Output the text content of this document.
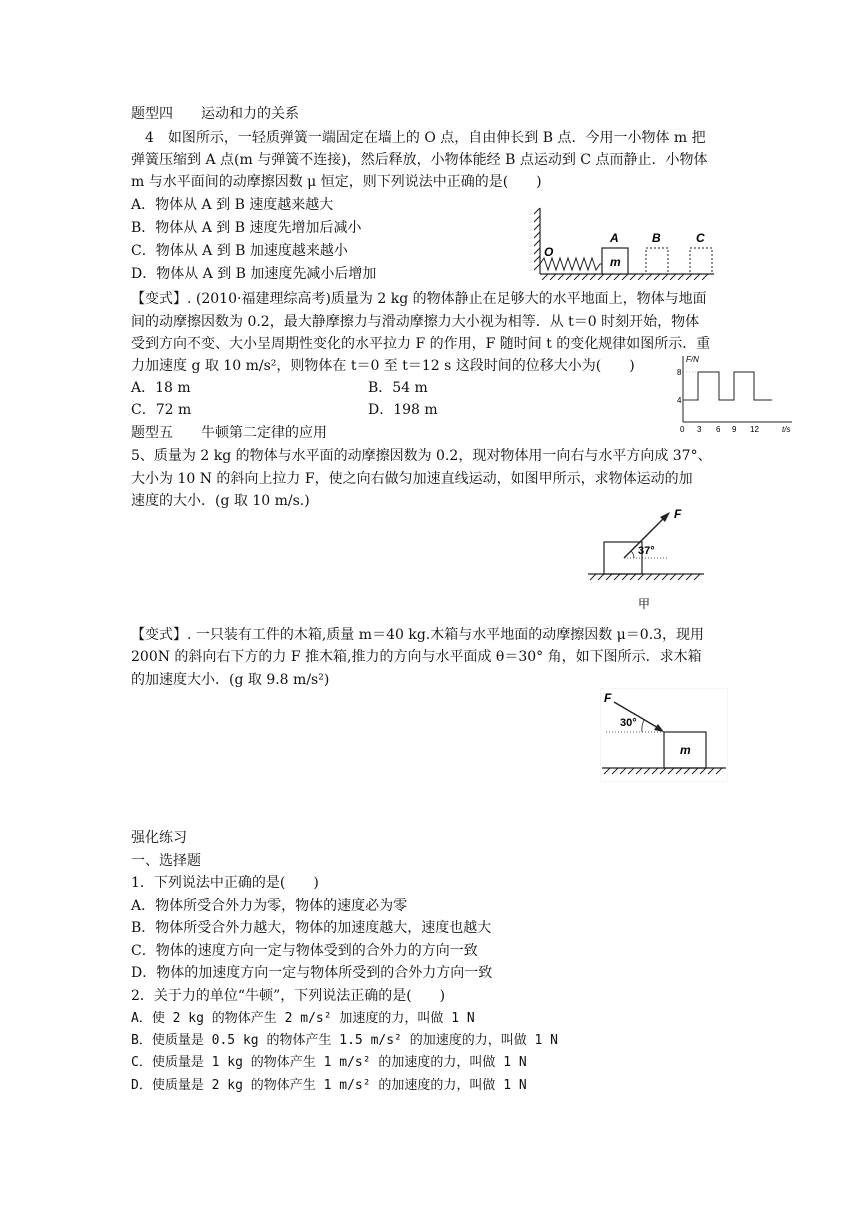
题型四　　运动和力的关系
　4　如图所示，一轻质弹簧一端固定在墙上的 O 点，自由伸长到 B 点．今用一小物体 m 把
弹簧压缩到 A 点(m 与弹簧不连接)，然后释放，小物体能经 B 点运动到 C 点而静止．小物体
m 与水平面间的动摩擦因数 μ 恒定，则下列说法中正确的是(　　)
A．物体从 A 到 B 速度越来越大
B．物体从 A 到 B 速度先增加后减小
C．物体从 A 到 B 加速度越来越小
D．物体从 A 到 B 加速度先减小后增加
O
A	B	C
m
【变式】. (2010·福建理综高考)质量为 2 kg 的物体静止在足够大的水平地面上，物体与地面
间的动摩擦因数为 0.2，最大静摩擦力与滑动摩擦力大小视为相等．从 t＝0 时刻开始，物体
受到方向不变、大小呈周期性变化的水平拉力 F 的作用，F 随时间 t 的变化规律如图所示．重
力加速度 g 取 10 m/s²，则物体在 t＝0 至 t＝12 s 这段时间的位移大小为(　　)
A．18 m	B．54 m
C．72 m	D．198 m
F/N
t/s
8
4
0 3 6 9 12
题型五　　牛顿第二定律的应用
5、质量为 2 kg 的物体与水平面的动摩擦因数为 0.2，现对物体用一向右与水平方向成 37°、
大小为 10 N 的斜向上拉力 F，使之向右做匀加速直线运动，如图甲所示，求物体运动的加
速度的大小．(g 取 10 m/s.)
F
37°
甲
【变式】. 一只装有工件的木箱,质量 m＝40 kg.木箱与水平地面的动摩擦因数 μ＝0.3，现用
200N 的斜向右下方的力 F 推木箱,推力的方向与水平面成 θ＝30° 角，如下图所示．求木箱
的加速度大小．(g 取 9.8 m/s²)
F
30°
m
强化练习
一、选择题
1．下列说法中正确的是(　　)
A．物体所受合外力为零，物体的速度必为零
B．物体所受合外力越大，物体的加速度越大，速度也越大
C．物体的速度方向一定与物体受到的合外力的方向一致
D．物体的加速度方向一定与物体所受到的合外力方向一致
2．关于力的单位“牛顿”，下列说法正确的是(　　)
A．使 2 kg 的物体产生 2 m/s² 加速度的力，叫做 1 N
B．使质量是 0.5 kg 的物体产生 1.5 m/s² 的加速度的力，叫做 1 N
C．使质量是 1 kg 的物体产生 1 m/s² 的加速度的力，叫做 1 N
D．使质量是 2 kg 的物体产生 1 m/s² 的加速度的力，叫做 1 N
